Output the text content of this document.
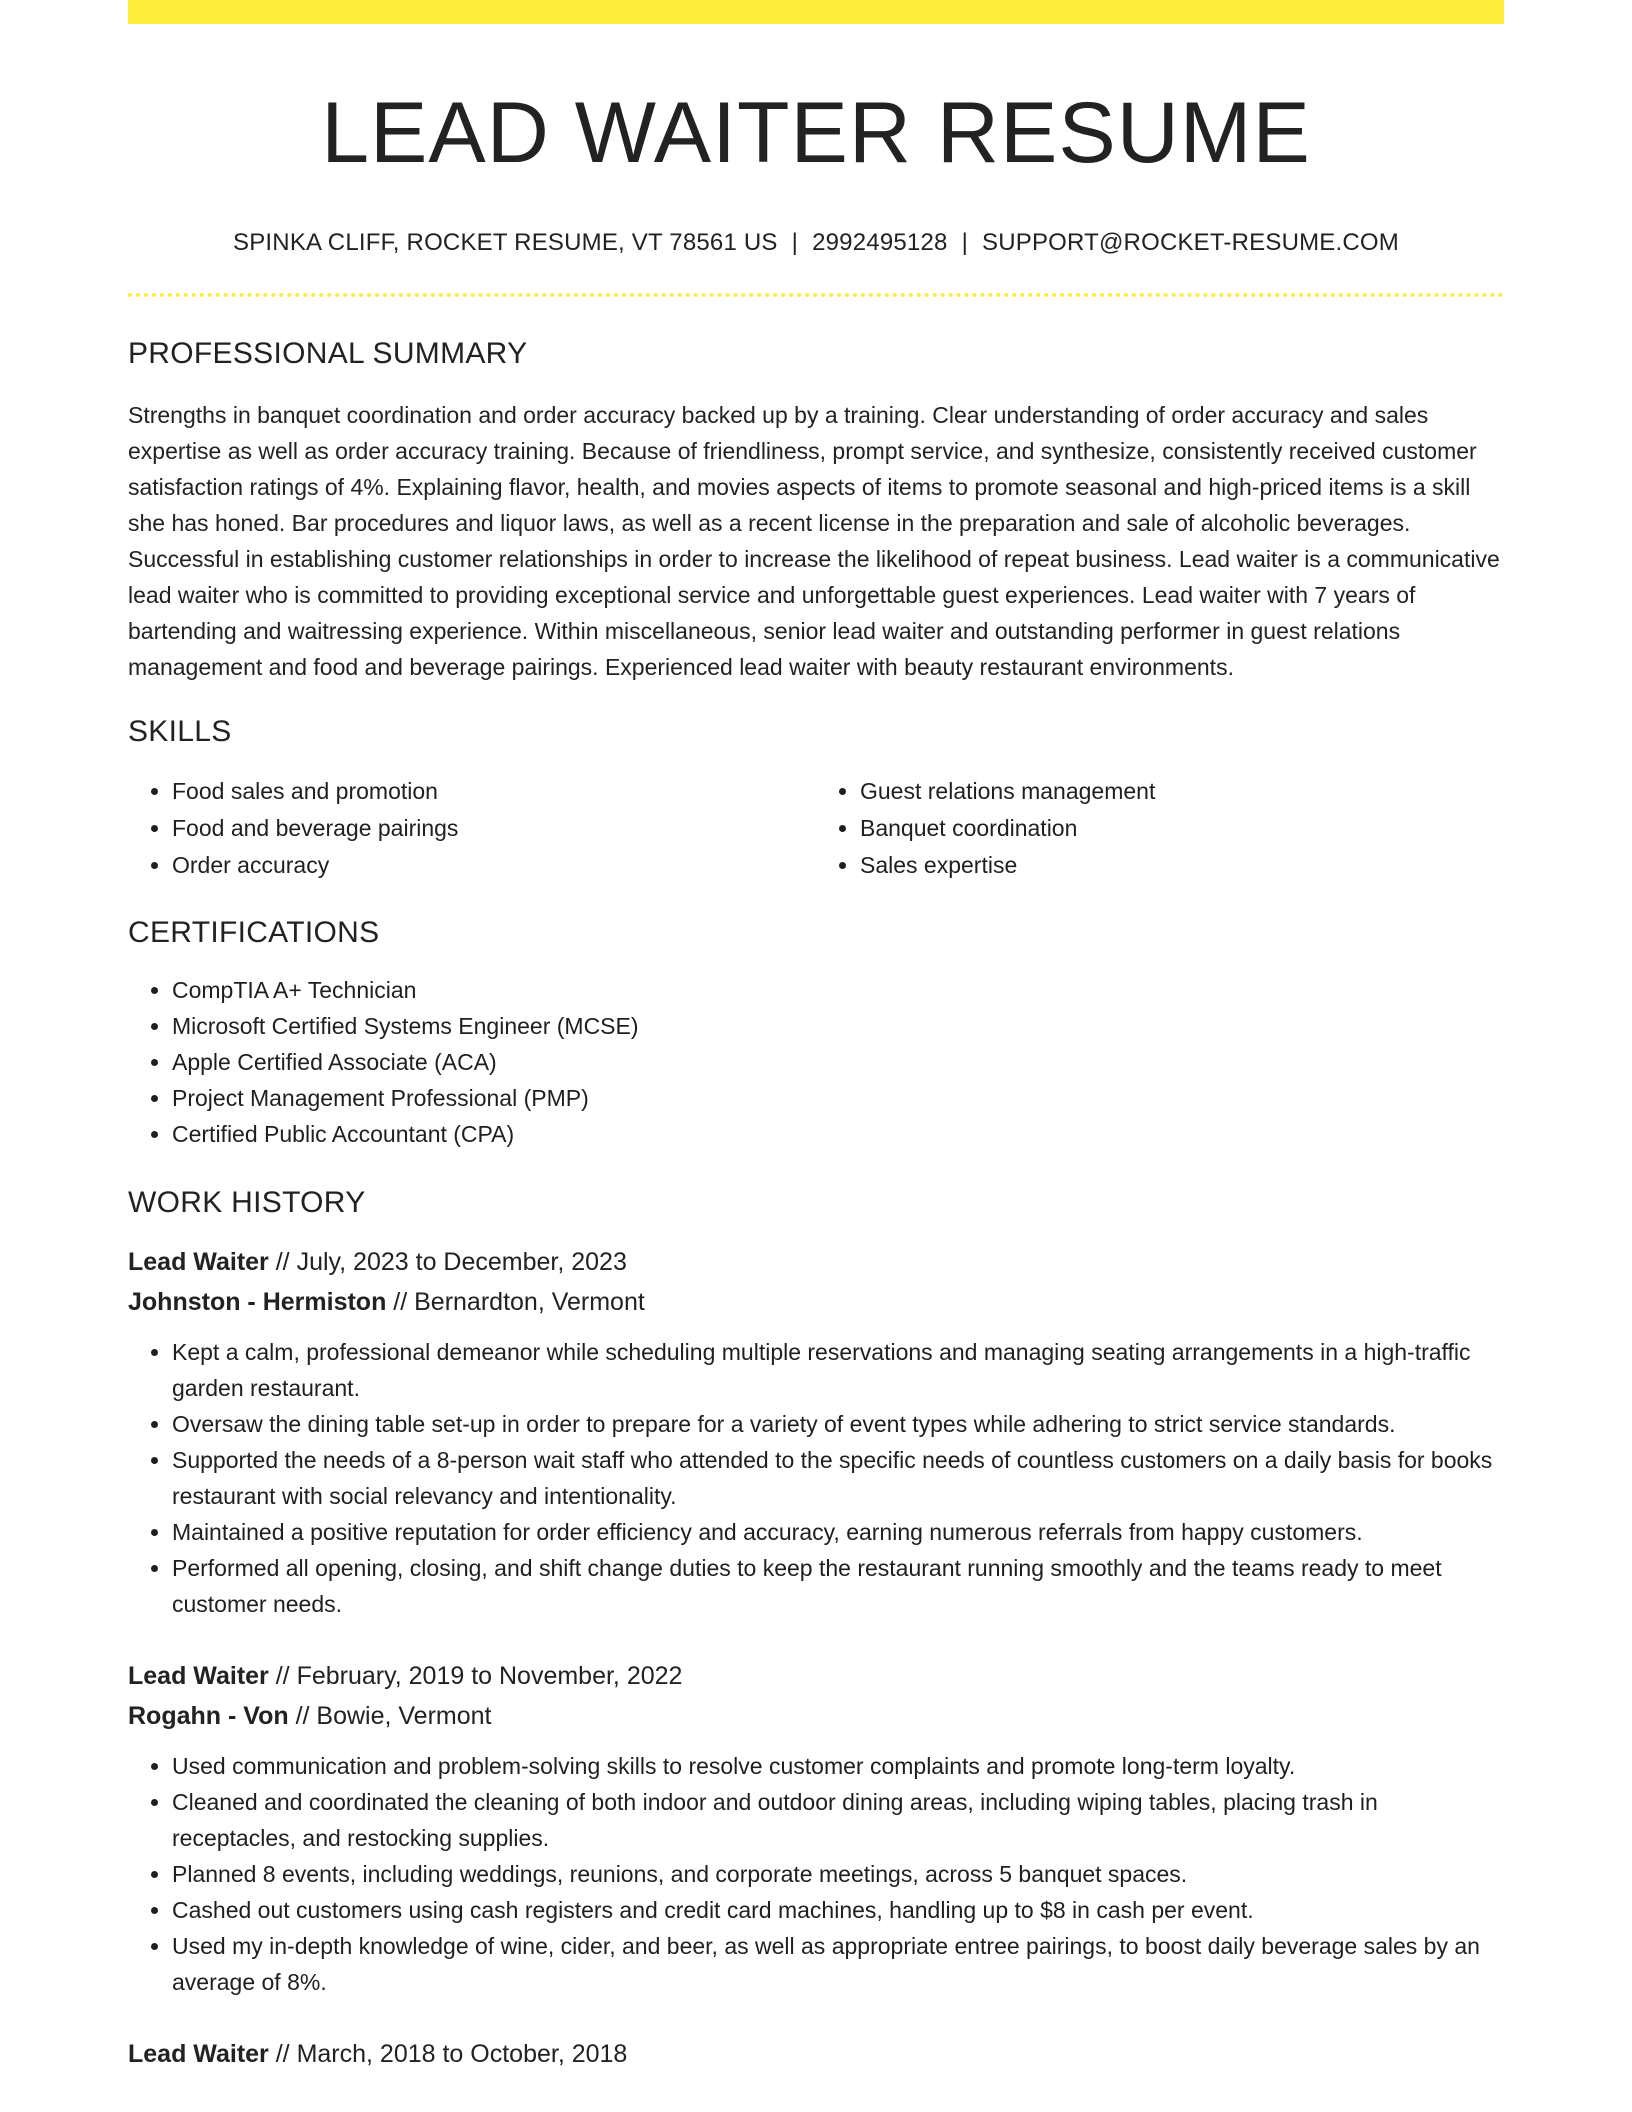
LEAD WAITER RESUME
SPINKA CLIFF, ROCKET RESUME, VT 78561 US | 2992495128 | SUPPORT@ROCKET-RESUME.COM
PROFESSIONAL SUMMARY

Strengths in banquet coordination and order accuracy backed up by a training. Clear understanding of order accuracy and sales expertise as well as order accuracy training. Because of friendliness, prompt service, and synthesize, consistently received customer satisfaction ratings of 4%. Explaining flavor, health, and movies aspects of items to promote seasonal and high-priced items is a skill she has honed. Bar procedures and liquor laws, as well as a recent license in the preparation and sale of alcoholic beverages. Successful in establishing customer relationships in order to increase the likelihood of repeat business. Lead waiter is a communicative lead waiter who is committed to providing exceptional service and unforgettable guest experiences. Lead waiter with 7 years of bartending and waitressing experience. Within miscellaneous, senior lead waiter and outstanding performer in guest relations management and food and beverage pairings. Experienced lead waiter with beauty restaurant environments.

SKILLS
• Food sales and promotion
• Food and beverage pairings
• Order accuracy
• Guest relations management
• Banquet coordination
• Sales expertise
CERTIFICATIONS
• CompTIA A+ Technician
• Microsoft Certified Systems Engineer (MCSE)
• Apple Certified Associate (ACA)
• Project Management Professional (PMP)
• Certified Public Accountant (CPA)
WORK HISTORY
Lead Waiter // July, 2023 to December, 2023
Johnston - Hermiston // Bernardton, Vermont
• Kept a calm, professional demeanor while scheduling multiple reservations and managing seating arrangements in a high-traffic garden restaurant.
• Oversaw the dining table set-up in order to prepare for a variety of event types while adhering to strict service standards.
• Supported the needs of a 8-person wait staff who attended to the specific needs of countless customers on a daily basis for books restaurant with social relevancy and intentionality.
• Maintained a positive reputation for order efficiency and accuracy, earning numerous referrals from happy customers.
• Performed all opening, closing, and shift change duties to keep the restaurant running smoothly and the teams ready to meet customer needs.
Lead Waiter // February, 2019 to November, 2022
Rogahn - Von // Bowie, Vermont
• Used communication and problem-solving skills to resolve customer complaints and promote long-term loyalty.
• Cleaned and coordinated the cleaning of both indoor and outdoor dining areas, including wiping tables, placing trash in receptacles, and restocking supplies.
• Planned 8 events, including weddings, reunions, and corporate meetings, across 5 banquet spaces.
• Cashed out customers using cash registers and credit card machines, handling up to $8 in cash per event.
• Used my in-depth knowledge of wine, cider, and beer, as well as appropriate entree pairings, to boost daily beverage sales by an average of 8%.
Lead Waiter // March, 2018 to October, 2018
